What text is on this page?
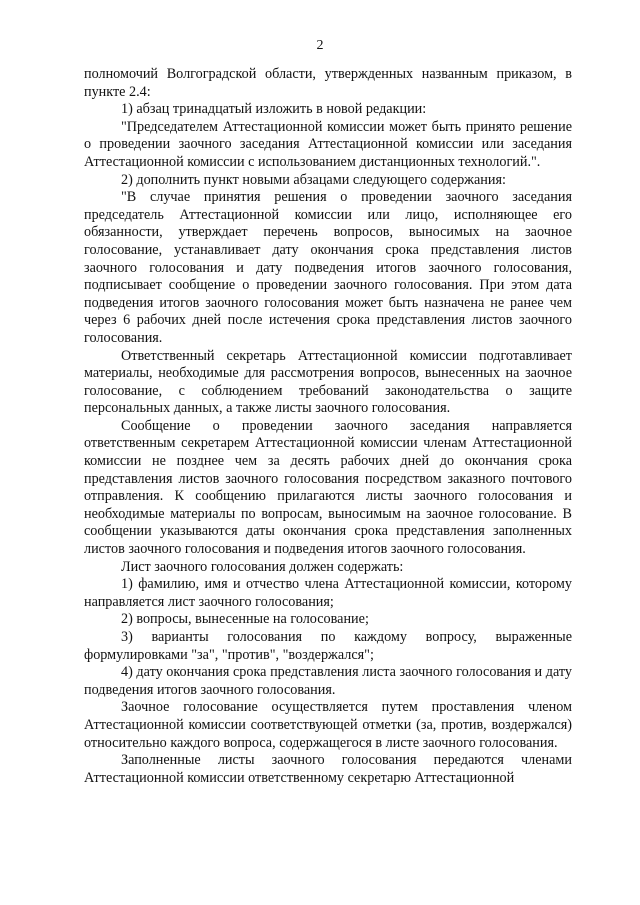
2

полномочий Волгоградской области, утвержденных названным приказом, в пункте 2.4:

1) абзац тринадцатый изложить в новой редакции:

"Председателем Аттестационной комиссии может быть принято решение о проведении заочного заседания Аттестационной комиссии или заседания Аттестационной комиссии с использованием дистанционных технологий.".

2) дополнить пункт новыми абзацами следующего содержания:

"В случае принятия решения о проведении заочного заседания председатель Аттестационной комиссии или лицо, исполняющее его обязанности, утверждает перечень вопросов, выносимых на заочное голосование, устанавливает дату окончания срока представления листов заочного голосования и дату подведения итогов заочного голосования, подписывает сообщение о проведении заочного голосования. При этом дата подведения итогов заочного голосования может быть назначена не ранее чем через 6 рабочих дней после истечения срока представления листов заочного голосования.

Ответственный секретарь Аттестационной комиссии подготавливает материалы, необходимые для рассмотрения вопросов, вынесенных на заочное голосование, с соблюдением требований законодательства о защите персональных данных, а также листы заочного голосования.

Сообщение о проведении заочного заседания направляется ответственным секретарем Аттестационной комиссии членам Аттестационной комиссии не позднее чем за десять рабочих дней до окончания срока представления листов заочного голосования посредством заказного почтового отправления. К сообщению прилагаются листы заочного голосования и необходимые материалы по вопросам, выносимым на заочное голосование. В сообщении указываются даты окончания срока представления заполненных листов заочного голосования и подведения итогов заочного голосования.

Лист заочного голосования должен содержать:

1) фамилию, имя и отчество члена Аттестационной комиссии, которому направляется лист заочного голосования;

2) вопросы, вынесенные на голосование;

3) варианты голосования по каждому вопросу, выраженные формулировками "за", "против", "воздержался";

4) дату окончания срока представления листа заочного голосования и дату подведения итогов заочного голосования.

Заочное голосование осуществляется путем проставления членом Аттестационной комиссии соответствующей отметки (за, против, воздержался) относительно каждого вопроса, содержащегося в листе заочного голосования.

Заполненные листы заочного голосования передаются членами Аттестационной комиссии ответственному секретарю Аттестационной
